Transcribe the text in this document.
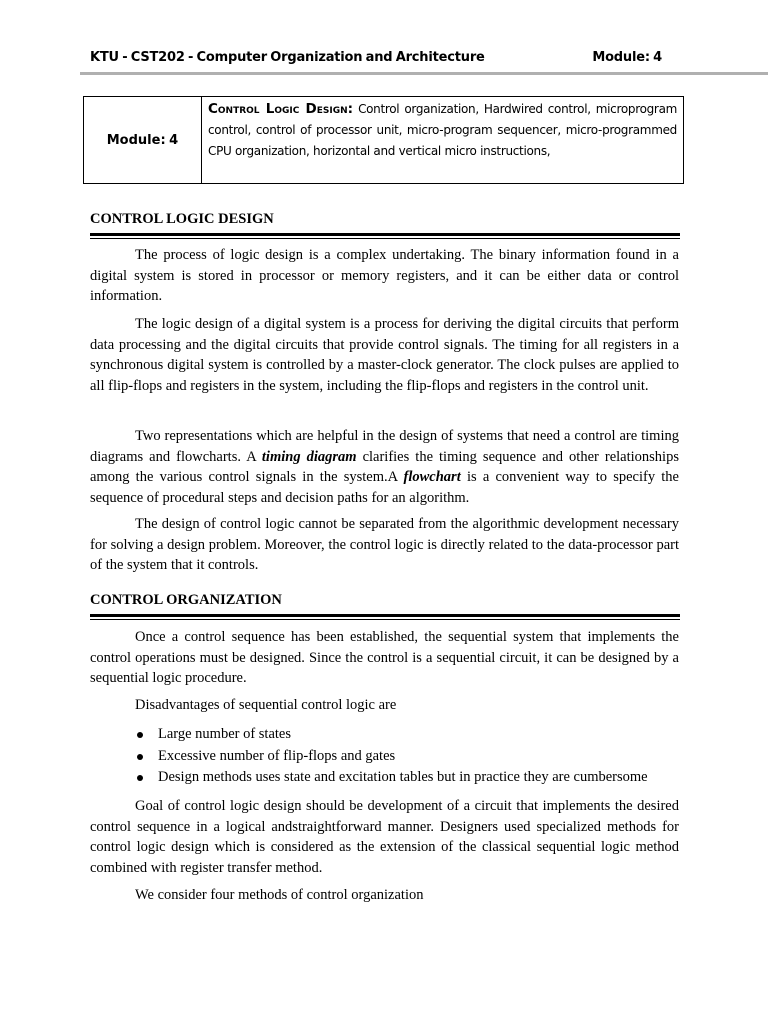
KTU - CST202 - Computer Organization and Architecture	Module: 4
Module: 4
Control Logic Design: Control organization, Hardwired control, microprogram control, control of processor unit, micro-program sequencer, micro-programmed CPU organization, horizontal and vertical micro instructions,
CONTROL LOGIC DESIGN

The process of logic design is a complex undertaking. The binary information found in a digital system is stored in processor or memory registers, and it can be either data or control information.

The logic design of a digital system is a process for deriving the digital circuits that perform data processing and the digital circuits that provide control signals. The timing for all registers in a synchronous digital system is controlled by a master-clock generator. The clock pulses are applied to all flip-flops and registers in the system, including the flip-flops and registers in the control unit.

Two representations which are helpful in the design of systems that need a control are timing diagrams and flowcharts. A timing diagram clarifies the timing sequence and other relationships among the various control signals in the system.A flowchart is a convenient way to specify the sequence of procedural steps and decision paths for an algorithm.

The design of control logic cannot be separated from the algorithmic development necessary for solving a design problem. Moreover, the control logic is directly related to the data-processor part of the system that it controls.

CONTROL ORGANIZATION

Once a control sequence has been established, the sequential system that implements the control operations must be designed. Since the control is a sequential circuit, it can be designed by a sequential logic procedure.

Disadvantages of sequential control logic are

Large number of states
Excessive number of flip-flops and gates
Design methods uses state and excitation tables but in practice they are cumbersome

Goal of control logic design should be development of a circuit that implements the desired control sequence in a logical andstraightforward manner. Designers used specialized methods for control logic design which is considered as the extension of the classical sequential logic method combined with register transfer method.

We consider four methods of control organization
